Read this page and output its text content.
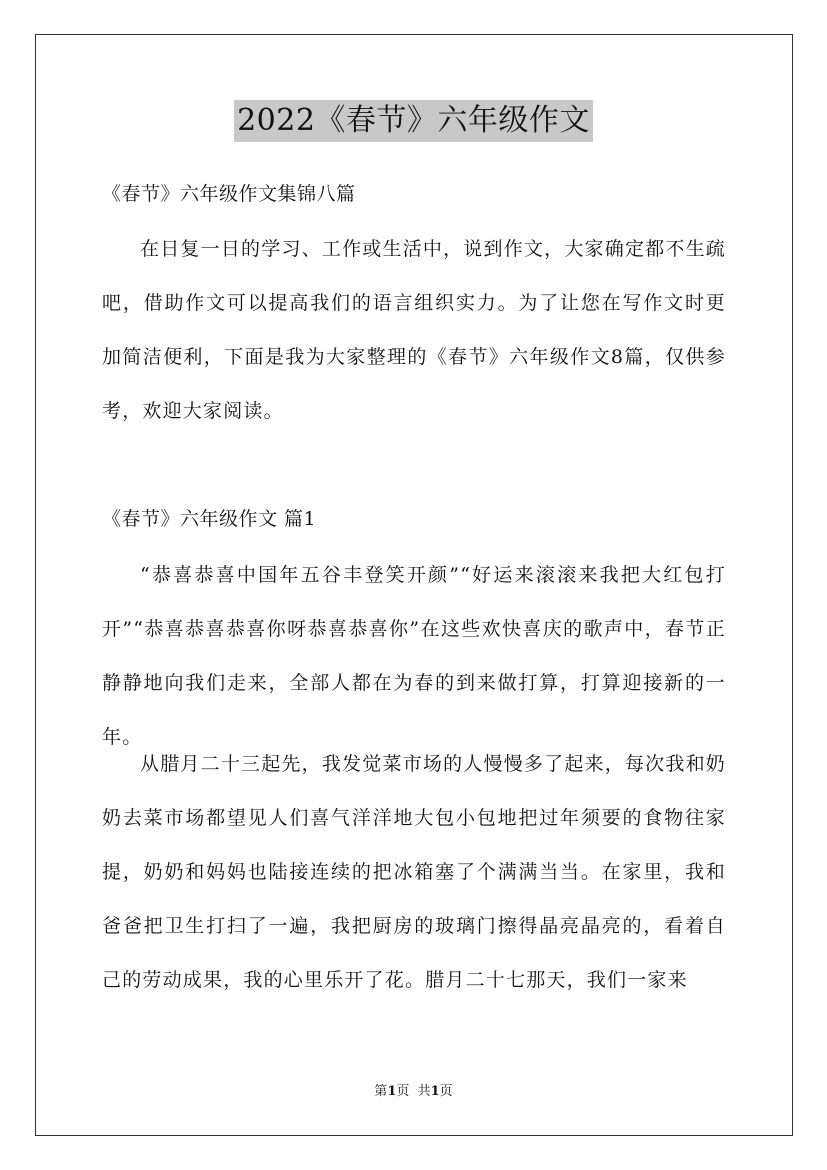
2022《春节》六年级作文

《春节》六年级作文集锦八篇

在日复一日的学习、工作或生活中，说到作文，大家确定都不生疏吧，借助作文可以提高我们的语言组织实力。为了让您在写作文时更加简洁便利，下面是我为大家整理的《春节》六年级作文8篇，仅供参考，欢迎大家阅读。

《春节》六年级作文 篇1

“恭喜恭喜中国年五谷丰登笑开颜”“好运来滚滚来我把大红包打开”“恭喜恭喜恭喜你呀恭喜恭喜你”在这些欢快喜庆的歌声中，春节正静静地向我们走来，全部人都在为春的到来做打算，打算迎接新的一年。

从腊月二十三起先，我发觉菜市场的人慢慢多了起来，每次我和奶奶去菜市场都望见人们喜气洋洋地大包小包地把过年须要的食物往家提，奶奶和妈妈也陆接连续的把冰箱塞了个满满当当。在家里，我和爸爸把卫生打扫了一遍，我把厨房的玻璃门擦得晶亮晶亮的，看着自己的劳动成果，我的心里乐开了花。腊月二十七那天，我们一家来

第1页  共1页
